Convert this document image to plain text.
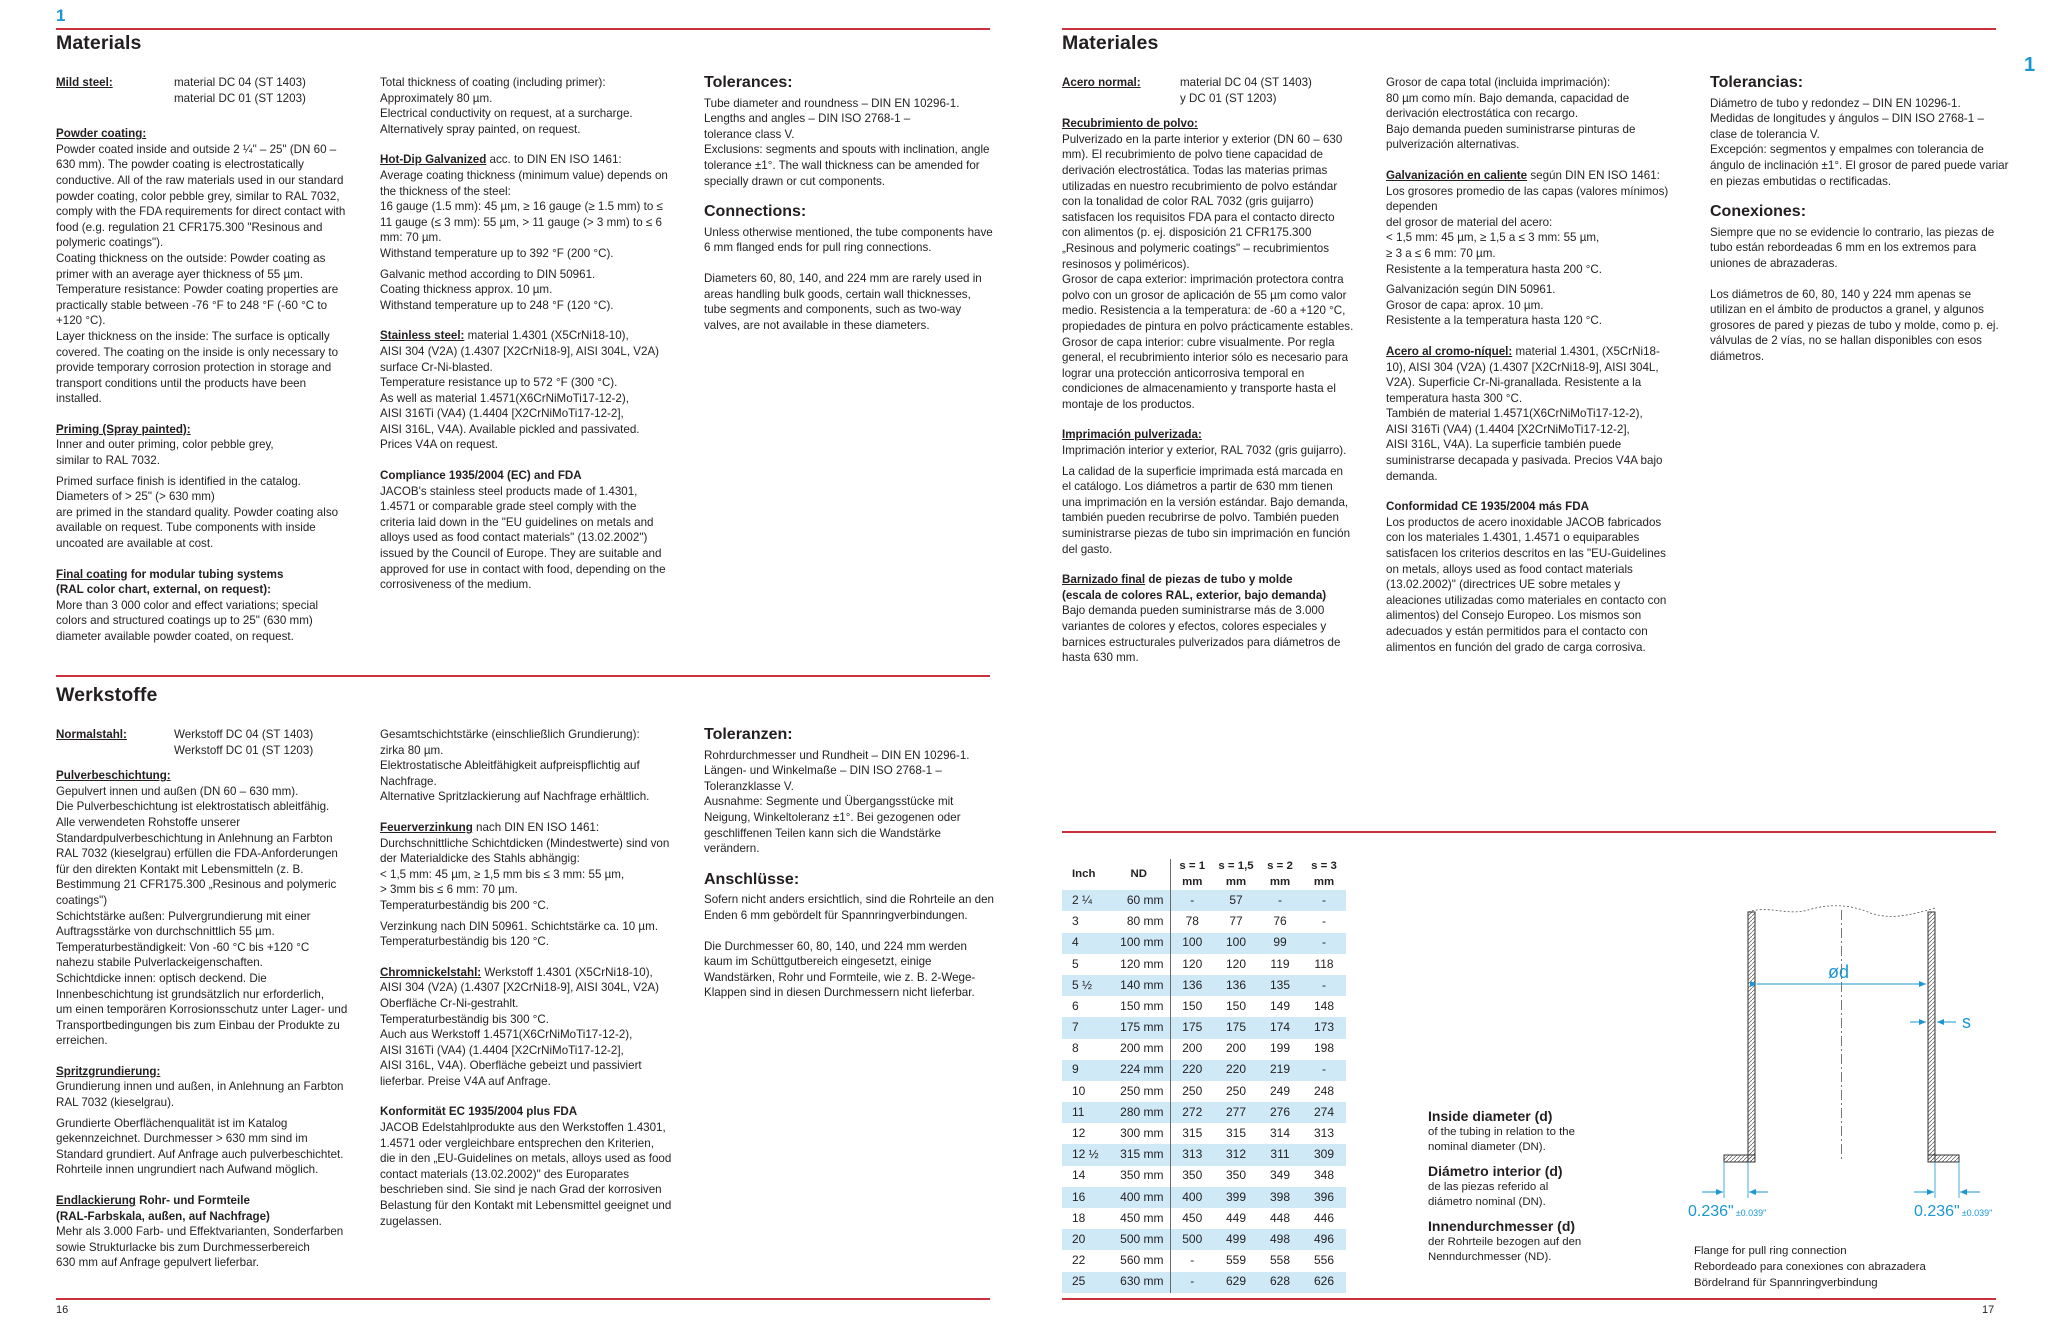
1
Materials
Mild steel:	material DC 04 (ST 1403)
material DC 01 (ST 1203)

Powder coating:

Powder coated inside and outside 2 ¼" – 25" (DN 60 – 630 mm). The powder coating is electrostatically conductive. All of the raw materials used in our standard powder coating, color pebble grey, similar to RAL 7032, comply with the FDA requirements for direct contact with food (e.g. regulation 21 CFR175.300 "Resinous and polymeric coatings").

Coating thickness on the outside: Powder coating as primer with an average ayer thickness of 55 µm.

Temperature resistance: Powder coating properties are practically stable between -76 °F to 248 °F (-60 °C to +120 °C).

Layer thickness on the inside: The surface is optically covered. The coating on the inside is only necessary to provide temporary corrosion protection in storage and transport conditions until the products have been installed.

Priming (Spray painted):

Inner and outer priming, color pebble grey,
similar to RAL 7032.

Primed surface finish is identified in the catalog. Diameters of > 25" (> 630 mm)
are primed in the standard quality. Powder coating also available on request. Tube components with inside uncoated are available at cost.

Final coating for modular tubing systems
(RAL color chart, external, on request):

More than 3 000 color and effect variations; special colors and structured coatings up to 25" (630 mm) diameter available powder coated, on request.

Total thickness of coating (including primer):
Approximately 80 µm.
Electrical conductivity on request, at a surcharge.
Alternatively spray painted, on request.

Hot-Dip Galvanized acc. to DIN EN ISO 1461:

Average coating thickness (minimum value) depends on the thickness of the steel:
16 gauge (1.5 mm): 45 µm, ≥ 16 gauge (≥ 1.5 mm) to ≤ 11 gauge (≤ 3 mm): 55 µm, > 11 gauge (> 3 mm) to ≤ 6 mm: 70 µm.
Withstand temperature up to 392 °F (200 °C).

Galvanic method according to DIN 50961.
Coating thickness approx. 10 µm.
Withstand temperature up to 248 °F (120 °C).

Stainless steel: material 1.4301 (X5CrNi18-10),
AISI 304 (V2A) (1.4307 [X2CrNi18-9], AISI 304L, V2A) surface Cr-Ni-blasted.
Temperature resistance up to 572 °F (300 °C).
As well as material 1.4571(X6CrNiMoTi17-12-2),
AISI 316Ti (VA4) (1.4404 [X2CrNiMoTi17-12-2],
AISI 316L, V4A). Available pickled and passivated.
Prices V4A on request.

Compliance 1935/2004 (EC) and FDA

JACOB's stainless steel products made of 1.4301, 1.4571 or comparable grade steel comply with the criteria laid down in the "EU guidelines on metals and alloys used as food contact materials" (13.02.2002") issued by the Council of Europe. They are suitable and approved for use in contact with food, depending on the corrosiveness of the medium.

Tolerances:

Tube diameter and roundness – DIN EN 10296-1.
Lengths and angles – DIN ISO 2768-1 –
tolerance class V.
Exclusions: segments and spouts with inclination, angle tolerance ±1°. The wall thickness can be amended for specially drawn or cut components.

Connections:

Unless otherwise mentioned, the tube components have 6 mm flanged ends for pull ring connections.

Diameters 60, 80, 140, and 224 mm are rarely used in areas handling bulk goods, certain wall thicknesses, tube segments and components, such as two-way valves, are not available in these diameters.

Werkstoffe
Normalstahl:	Werkstoff DC 04 (ST 1403)
Werkstoff DC 01 (ST 1203)

Pulverbeschichtung:

Gepulvert innen und außen (DN 60 – 630 mm).
Die Pulverbeschichtung ist elektrostatisch ableitfähig. Alle verwendeten Rohstoffe unserer Standardpulverbeschichtung in Anlehnung an Farbton RAL 7032 (kieselgrau) erfüllen die FDA-Anforderungen für den direkten Kontakt mit Lebensmitteln (z. B. Bestimmung 21 CFR175.300 „Resinous and polymeric coatings")
Schichtstärke außen: Pulvergrundierung mit einer Auftragsstärke von durchschnittlich 55 µm.
Temperaturbeständigkeit: Von -60 °C bis +120 °C nahezu stabile Pulverlackeigenschaften.
Schichtdicke innen: optisch deckend. Die Innenbeschichtung ist grundsätzlich nur erforderlich,
um einen temporären Korrosionsschutz unter Lager- und Transportbedingungen bis zum Einbau der Produkte zu erreichen.

Spritzgrundierung:

Grundierung innen und außen, in Anlehnung an Farbton RAL 7032 (kieselgrau).

Grundierte Oberflächenqualität ist im Katalog gekennzeichnet. Durchmesser > 630 mm sind im Standard grundiert. Auf Anfrage auch pulverbeschichtet. Rohrteile innen ungrundiert nach Aufwand möglich.

Endlackierung Rohr- und Formteile
(RAL-Farbskala, außen, auf Nachfrage)

Mehr als 3.000 Farb- und Effektvarianten, Sonderfarben sowie Strukturlacke bis zum Durchmesserbereich
630 mm auf Anfrage gepulvert lieferbar.

Gesamtschichtstärke (einschließlich Grundierung):
zirka 80 µm.
Elektrostatische Ableitfähigkeit aufpreispflichtig auf Nachfrage.
Alternative Spritzlackierung auf Nachfrage erhältlich.

Feuerverzinkung nach DIN EN ISO 1461:

Durchschnittliche Schichtdicken (Mindestwerte) sind von der Materialdicke des Stahls abhängig:
< 1,5 mm: 45 µm, ≥ 1,5 mm bis ≤ 3 mm: 55 µm,
> 3mm bis ≤ 6 mm: 70 µm.
Temperaturbeständig bis 200 °C.

Verzinkung nach DIN 50961. Schichtstärke ca. 10 µm. Temperaturbeständig bis 120 °C.

Chromnickelstahl: Werkstoff 1.4301 (X5CrNi18-10),
AISI 304 (V2A) (1.4307 [X2CrNi18-9], AISI 304L, V2A) Oberfläche Cr-Ni-gestrahlt.
Temperaturbeständig bis 300 °C.
Auch aus Werkstoff 1.4571(X6CrNiMoTi17-12-2),
AISI 316Ti (VA4) (1.4404 [X2CrNiMoTi17-12-2],
AISI 316L, V4A). Oberfläche gebeizt und passiviert lieferbar. Preise V4A auf Anfrage.

Konformität EC 1935/2004 plus FDA

JACOB Edelstahlprodukte aus den Werkstoffen 1.4301, 1.4571 oder vergleichbare entsprechen den Kriterien, die in den „EU-Guidelines on metals, alloys used as food contact materials (13.02.2002)" des Europarates beschrieben sind. Sie sind je nach Grad der korrosiven Belastung für den Kontakt mit Lebensmittel geeignet und zugelassen.

Toleranzen:

Rohrdurchmesser und Rundheit – DIN EN 10296-1.
Längen- und Winkelmaße – DIN ISO 2768-1 –
Toleranzklasse V.
Ausnahme: Segmente und Übergangsstücke mit Neigung, Winkeltoleranz ±1°. Bei gezogenen oder geschliffenen Teilen kann sich die Wandstärke verändern.

Anschlüsse:

Sofern nicht anders ersichtlich, sind die Rohrteile an den Enden 6 mm gebördelt für Spannringverbindungen.

Die Durchmesser 60, 80, 140, und 224 mm werden kaum im Schüttgutbereich eingesetzt, einige Wandstärken, Rohr und Formteile, wie z. B. 2-Wege-Klappen sind in diesen Durchmessern nicht lieferbar.

16
1
Materiales
Acero normal:	material DC 04 (ST 1403)
y DC 01 (ST 1203)

Recubrimiento de polvo:

Pulverizado en la parte interior y exterior (DN 60 – 630 mm). El recubrimiento de polvo tiene capacidad de derivación electrostática. Todas las materias primas utilizadas en nuestro recubrimiento de polvo estándar con la tonalidad de color RAL 7032 (gris guijarro) satisfacen los requisitos FDA para el contacto directo con alimentos (p. ej. disposición 21 CFR175.300 „Resinous and polymeric coatings" – recubrimientos resinosos y poliméricos).
Grosor de capa exterior: imprimación protectora contra polvo con un grosor de aplicación de 55 µm como valor medio. Resistencia a la temperatura: de -60 a +120 °C, propiedades de pintura en polvo prácticamente estables. Grosor de capa interior: cubre visualmente. Por regla general, el recubrimiento interior sólo es necesario para lograr una protección anticorrosiva temporal en condiciones de almacenamiento y transporte hasta el montaje de los productos.

Imprimación pulverizada:

Imprimación interior y exterior, RAL 7032 (gris guijarro).

La calidad de la superficie imprimada está marcada en el catálogo. Los diámetros a partir de 630 mm tienen una imprimación en la versión estándar. Bajo demanda, también pueden recubrirse de polvo. También pueden suministrarse piezas de tubo sin imprimación en función del gasto.

Barnizado final de piezas de tubo y molde
(escala de colores RAL, exterior, bajo demanda)

Bajo demanda pueden suministrarse más de 3.000 variantes de colores y efectos, colores especiales y barnices estructurales pulverizados para diámetros de hasta 630 mm.

Grosor de capa total (incluida imprimación):
80 µm como mín. Bajo demanda, capacidad de derivación electrostática con recargo.
Bajo demanda pueden suministrarse pinturas de pulverización alternativas.

Galvanización en caliente según DIN EN ISO 1461:

Los grosores promedio de las capas (valores mínimos) dependen
del grosor de material del acero:
< 1,5 mm: 45 µm, ≥ 1,5 a ≤ 3 mm: 55 µm,
≥ 3 a ≤ 6 mm: 70 µm.
Resistente a la temperatura hasta 200 °C.

Galvanización según DIN 50961.
Grosor de capa: aprox. 10 µm.
Resistente a la temperatura hasta 120 °C.

Acero al cromo-níquel: material 1.4301, (X5CrNi18-10), AISI 304 (V2A) (1.4307 [X2CrNi18-9], AISI 304L, V2A). Superficie Cr-Ni-granallada. Resistente a la temperatura hasta 300 °C.
También de material 1.4571(X6CrNiMoTi17-12-2),
AISI 316Ti (VA4) (1.4404 [X2CrNiMoTi17-12-2],
AISI 316L, V4A). La superficie también puede suministrarse decapada y pasivada. Precios V4A bajo demanda.

Conformidad CE 1935/2004 más FDA

Los productos de acero inoxidable JACOB fabricados con los materiales 1.4301, 1.4571 o equiparables satisfacen los criterios descritos en las "EU-Guidelines on metals, alloys used as food contact materials (13.02.2002)" (directrices UE sobre metales y aleaciones utilizadas como materiales en contacto con alimentos) del Consejo Europeo. Los mismos son adecuados y están permitidos para el contacto con alimentos en función del grado de carga corrosiva.

Tolerancias:

Diámetro de tubo y redondez – DIN EN 10296-1.
Medidas de longitudes y ángulos – DIN ISO 2768-1 – clase de tolerancia V.
Excepción: segmentos y empalmes con tolerancia de ángulo de inclinación ±1°. El grosor de pared puede variar en piezas embutidas o rectificadas.

Conexiones:

Siempre que no se evidencie lo contrario, las piezas de tubo están rebordeadas 6 mm en los extremos para uniones de abrazaderas.

Los diámetros de 60, 80, 140 y 224 mm apenas se utilizan en el ámbito de productos a granel, y algunos grosores de pared y piezas de tubo y molde, como p. ej. válvulas de 2 vías, no se hallan disponibles con esos diámetros.

Inch	ND	s = 1 mm	s = 1,5 mm	s = 2 mm	s = 3 mm
2 ¼	60 mm	-	57	-	-
3	80 mm	78	77	76	-
4	100 mm	100	100	99	-
5	120 mm	120	120	119	118
5 ½	140 mm	136	136	135	-
6	150 mm	150	150	149	148
7	175 mm	175	175	174	173
8	200 mm	200	200	199	198
9	224 mm	220	220	219	-
10	250 mm	250	250	249	248
11	280 mm	272	277	276	274
12	300 mm	315	315	314	313
12 ½	315 mm	313	312	311	309
14	350 mm	350	350	349	348
16	400 mm	400	399	398	396
18	450 mm	450	449	448	446
20	500 mm	500	499	498	496
22	560 mm	-	559	558	556
25	630 mm	-	629	628	626
Inside diameter (d)
of the tubing in relation to the
nominal diameter (DN).
Diámetro interior (d)
de las piezas referido al
diámetro nominal (DN).
Innendurchmesser (d)
der Rohrteile bezogen auf den
Nenndurchmesser (ND).
ød
s
0.236" ±0.039"	0.236" ±0.039"
Flange for pull ring connection
Rebordeado para conexiones con abrazadera
Bördelrand für Spannringverbindung
17
